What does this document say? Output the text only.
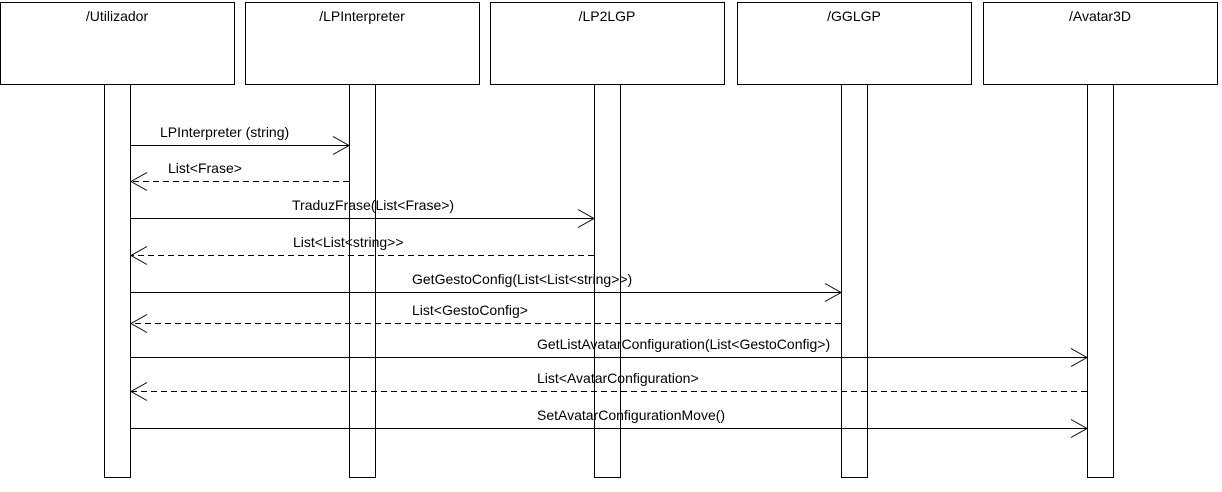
/Utilizador	/LPInterpreter	/LP2LGP	/GGLGP	/Avatar3D
LPInterpreter (string)
List<Frase>
TraduzFrase(List<Frase>)
List<List<string>>
GetGestoConfig(List<List<string>>)
List<GestoConfig>
GetListAvatarConfiguration(List<GestoConfig>)
List<AvatarConfiguration>
SetAvatarConfigurationMove()
